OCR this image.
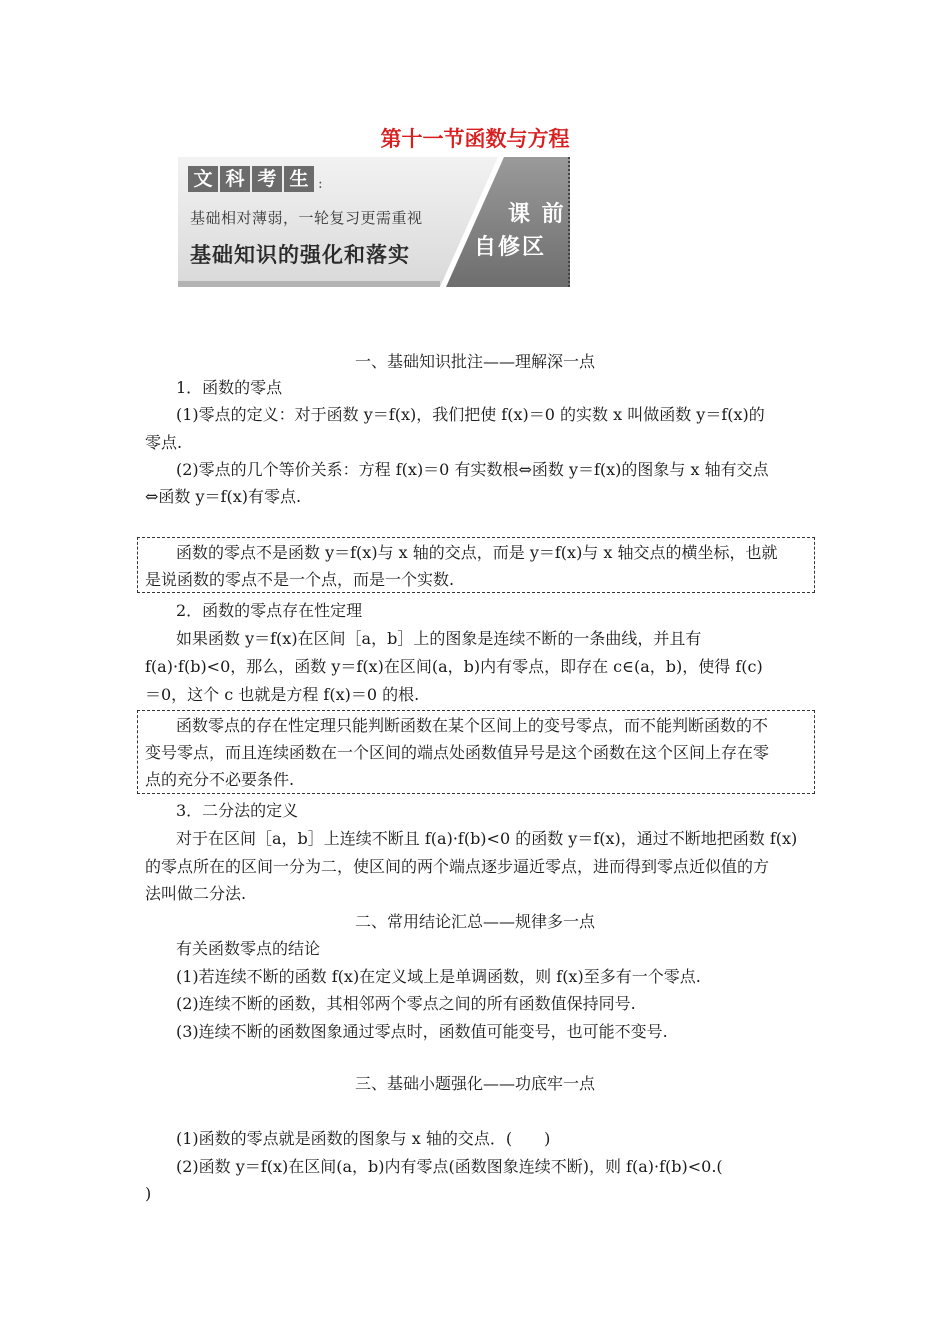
第十一节函数与方程
文 科 考 生 :
基础相对薄弱，一轮复习更需重视
基础知识的强化和落实
课 前
自修区
一、基础知识批注——理解深一点
1．函数的零点
(1)零点的定义：对于函数 y＝f(x)，我们把使 f(x)＝0 的实数 x 叫做函数 y＝f(x)的
零点.
(2)零点的几个等价关系：方程 f(x)＝0 有实数根⇔函数 y＝f(x)的图象与 x 轴有交点
⇔函数 y＝f(x)有零点.
函数的零点不是函数 y＝f(x)与 x 轴的交点，而是 y＝f(x)与 x 轴交点的横坐标，也就
是说函数的零点不是一个点，而是一个实数.
2．函数的零点存在性定理
如果函数 y＝f(x)在区间［a，b］上的图象是连续不断的一条曲线，并且有
f(a)·f(b)<0，那么，函数 y＝f(x)在区间(a，b)内有零点，即存在 c∈(a，b)，使得 f(c)
＝0，这个 c 也就是方程 f(x)＝0 的根.
函数零点的存在性定理只能判断函数在某个区间上的变号零点，而不能判断函数的不
变号零点，而且连续函数在一个区间的端点处函数值异号是这个函数在这个区间上存在零
点的充分不必要条件.
3．二分法的定义
对于在区间［a，b］上连续不断且 f(a)·f(b)<0 的函数 y＝f(x)，通过不断地把函数 f(x)
的零点所在的区间一分为二，使区间的两个端点逐步逼近零点，进而得到零点近似值的方
法叫做二分法.
二、常用结论汇总——规律多一点
有关函数零点的结论
(1)若连续不断的函数 f(x)在定义域上是单调函数，则 f(x)至多有一个零点.
(2)连续不断的函数，其相邻两个零点之间的所有函数值保持同号.
(3)连续不断的函数图象通过零点时，函数值可能变号，也可能不变号.
三、基础小题强化——功底牢一点
(1)函数的零点就是函数的图象与 x 轴的交点．(　　)
(2)函数 y＝f(x)在区间(a，b)内有零点(函数图象连续不断)，则 f(a)·f(b)<0.(
)
